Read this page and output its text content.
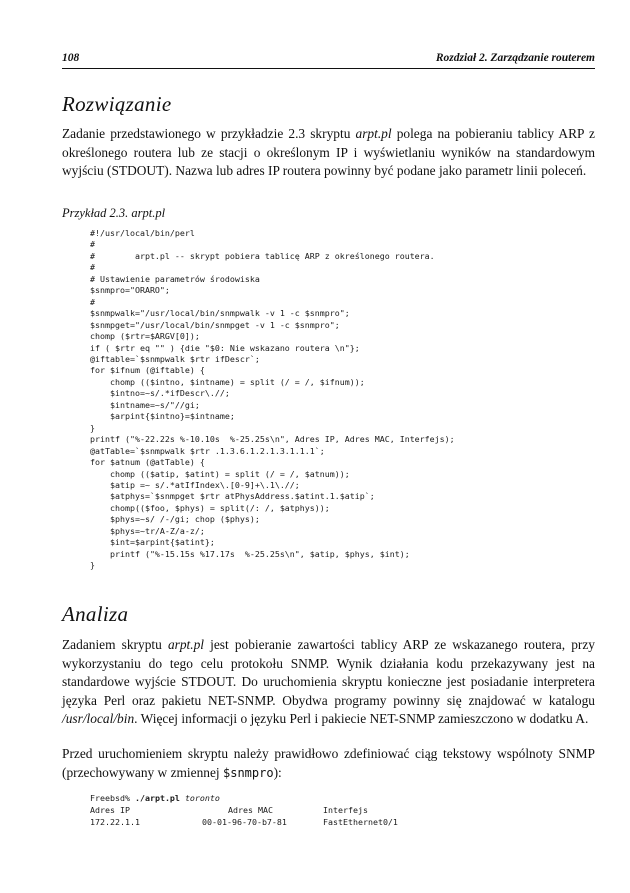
108	Rozdział 2. Zarządzanie routerem
Rozwiązanie

Zadanie przedstawionego w przykładzie 2.3 skryptu arpt.pl polega na pobieraniu tablicy ARP z określonego routera lub ze stacji o określonym IP i wyświetlaniu wyników na standardowym wyjściu (STDOUT). Nazwa lub adres IP routera powinny być podane jako parametr linii poleceń.

Przykład 2.3. arpt.pl

#!/usr/local/bin/perl
#
#        arpt.pl -- skrypt pobiera tablicę ARP z określonego routera.
#
# Ustawienie parametrów środowiska
$snmpro="ORARO";
#
$snmpwalk="/usr/local/bin/snmpwalk -v 1 -c $snmpro";
$snmpget="/usr/local/bin/snmpget -v 1 -c $snmpro";
chomp ($rtr=$ARGV[0]);
if ( $rtr eq "" ) {die "$0: Nie wskazano routera \n"};
@iftable=`$snmpwalk $rtr ifDescr`;
for $ifnum (@iftable) {
chomp (($intno, $intname) = split (/ = /, $ifnum));
$intno=~s/.*ifDescr\.//;
$intname=~s/"//gi;
$arpint{$intno}=$intname;
}
printf ("%-22.22s %-10.10s  %-25.25s\n", Adres IP, Adres MAC, Interfejs);
@atTable=`$snmpwalk $rtr .1.3.6.1.2.1.3.1.1.1`;
for $atnum (@atTable) {
chomp (($atip, $atint) = split (/ = /, $atnum));
$atip =~ s/.*atIfIndex\.[0-9]+\.1\.//;
$atphys=`$snmpget $rtr atPhysAddress.$atint.1.$atip`;
chomp(($foo, $phys) = split(/: /, $atphys));
$phys=~s/ /-/gi; chop ($phys);
$phys=~tr/A-Z/a-z/;
$int=$arpint{$atint};
printf ("%-15.15s %17.17s  %-25.25s\n", $atip, $phys, $int);
}
Analiza

Zadaniem skryptu arpt.pl jest pobieranie zawartości tablicy ARP ze wskazanego routera, przy wykorzystaniu do tego celu protokołu SNMP. Wynik działania kodu przekazywany jest na standardowe wyjście STDOUT. Do uruchomienia skryptu konieczne jest posiadanie interpretera języka Perl oraz pakietu NET-SNMP. Obydwa programy powinny się znajdować w katalogu /usr/local/bin. Więcej informacji o języku Perl i pakiecie NET-SNMP zamieszczono w dodatku A.

Przed uruchomieniem skryptu należy prawidłowo zdefiniować ciąg tekstowy wspólnoty SNMP (przechowywany w zmiennej $snmpro):

Freebsd% ./arpt.pl toronto
Adres IP
172.22.1.1
Adres MAC
00-01-96-70-b7-81
Interfejs
FastEthernet0/1
